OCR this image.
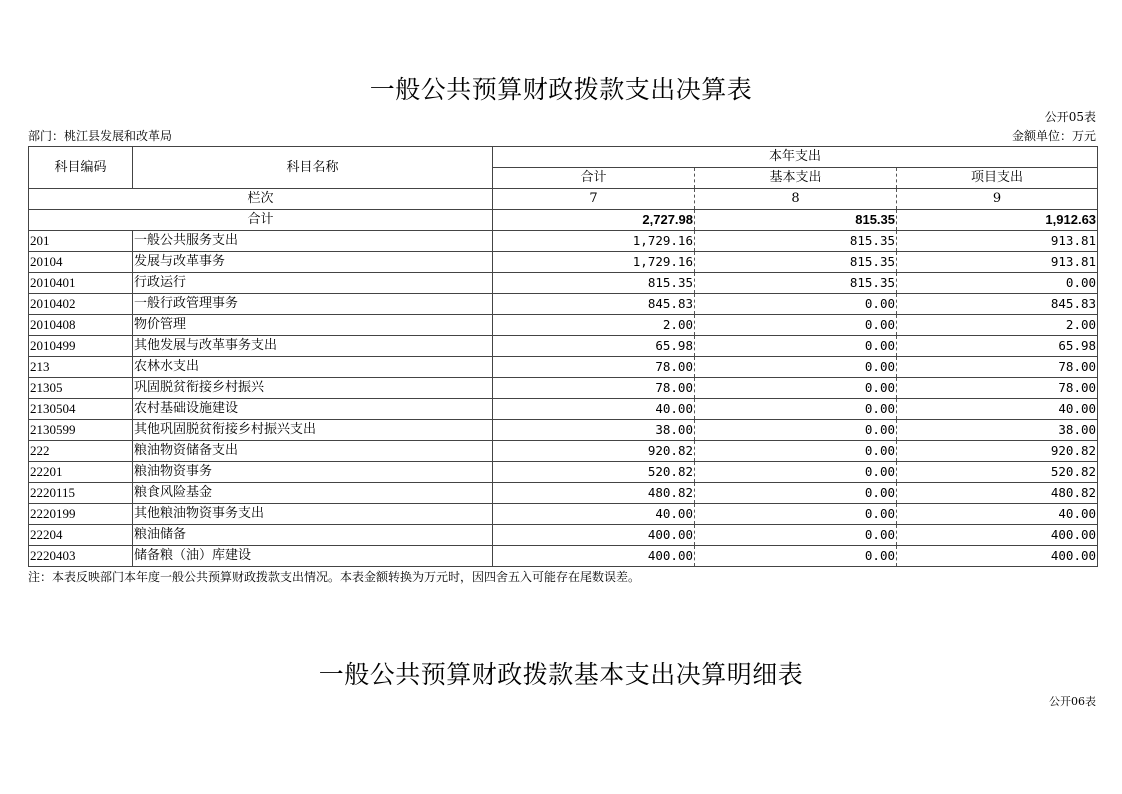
一般公共预算财政拨款支出决算表
公开05表
部门：桃江县发展和改革局	金额单位：万元
科目编码	科目名称	本年支出		
		合计	基本支出	项目支出
栏次		7	8	9
合计		2,727.98	815.35	1,912.63
201	一般公共服务支出	1,729.16	815.35	913.81
20104	发展与改革事务	1,729.16	815.35	913.81
2010401	行政运行	815.35	815.35	0.00
2010402	一般行政管理事务	845.83	0.00	845.83
2010408	物价管理	2.00	0.00	2.00
2010499	其他发展与改革事务支出	65.98	0.00	65.98
213	农林水支出	78.00	0.00	78.00
21305	巩固脱贫衔接乡村振兴	78.00	0.00	78.00
2130504	农村基础设施建设	40.00	0.00	40.00
2130599	其他巩固脱贫衔接乡村振兴支出	38.00	0.00	38.00
222	粮油物资储备支出	920.82	0.00	920.82
22201	粮油物资事务	520.82	0.00	520.82
2220115	粮食风险基金	480.82	0.00	480.82
2220199	其他粮油物资事务支出	40.00	0.00	40.00
22204	粮油储备	400.00	0.00	400.00
2220403	储备粮（油）库建设	400.00	0.00	400.00
注：本表反映部门本年度一般公共预算财政拨款支出情况。本表金额转换为万元时，因四舍五入可能存在尾数误差。
一般公共预算财政拨款基本支出决算明细表
公开06表
